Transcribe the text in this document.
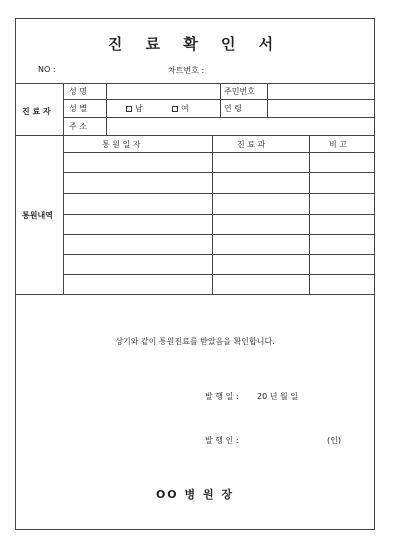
진 료 확 인 서
NO :	차트번호 :
진 료 자
성 명	주민번호
성 별	남	여	연 령
주 소
통원내역
통 원 일 자	진 료 과	비 고
상기와 같이 통원진료를 받았음을 확인합니다.
발 행 일 : 20 년 월 일
발 행 인 :	(인)
OO 병 원 장
